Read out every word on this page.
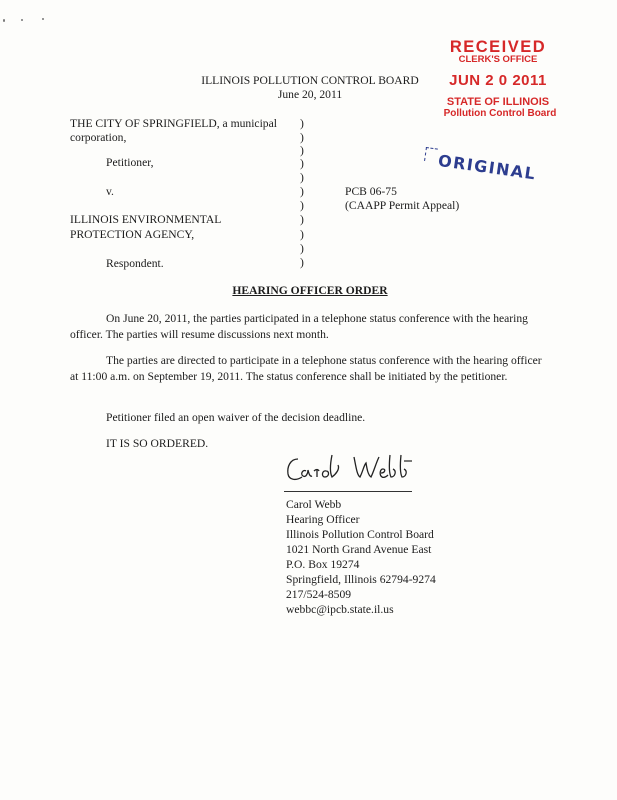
RECEIVED
CLERK'S OFFICE
JUN 2 0 2011
STATE OF ILLINOIS
Pollution Control Board
ORIGINAL
ILLINOIS POLLUTION CONTROL BOARD
June 20, 2011
THE CITY OF SPRINGFIELD, a municipal
corporation,
Petitioner,
v.
ILLINOIS ENVIRONMENTAL
PROTECTION AGENCY,
Respondent.
)
)
)
)
)
)
)
)
)
)
)
PCB 06-75
(CAAPP Permit Appeal)
HEARING OFFICER ORDER
On June 20, 2011, the parties participated in a telephone status conference with the hearing officer. The parties will resume discussions next month.
The parties are directed to participate in a telephone status conference with the hearing officer at 11:00 a.m. on September 19, 2011. The status conference shall be initiated by the petitioner.
Petitioner filed an open waiver of the decision deadline.
IT IS SO ORDERED.
Carol Webb
Hearing Officer
Illinois Pollution Control Board
1021 North Grand Avenue East
P.O. Box 19274
Springfield, Illinois 62794-9274
217/524-8509
webbc@ipcb.state.il.us
